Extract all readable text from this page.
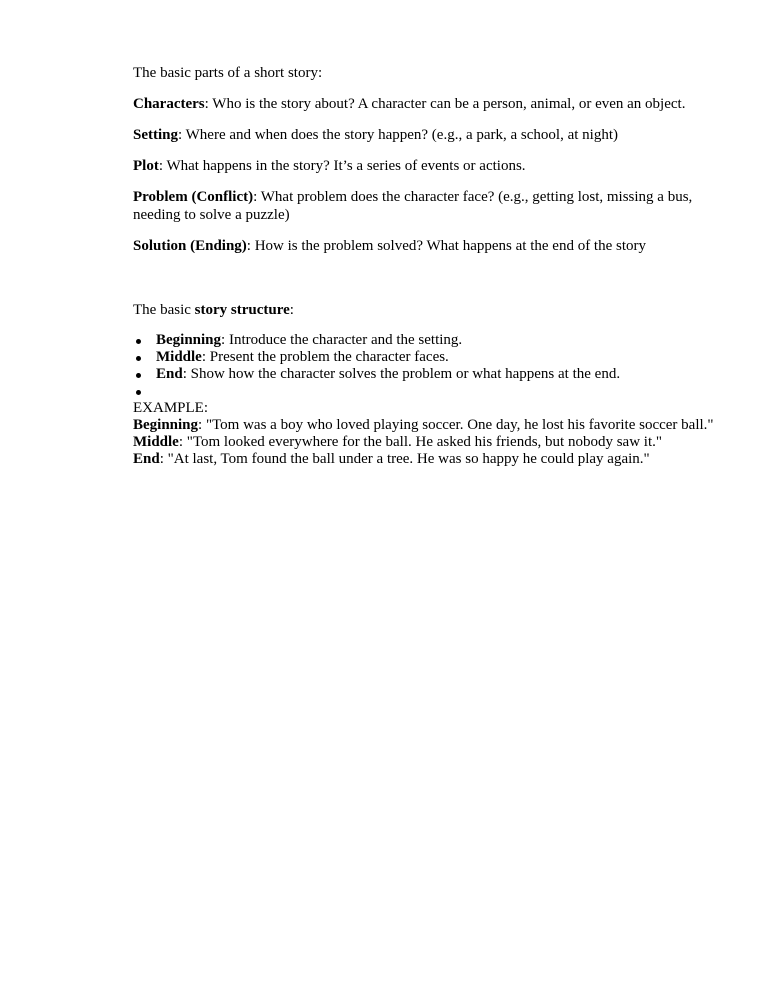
The basic parts of a short story:

Characters: Who is the story about? A character can be a person, animal, or even an object.

Setting: Where and when does the story happen? (e.g., a park, a school, at night)

Plot: What happens in the story? It’s a series of events or actions.

Problem (Conflict): What problem does the character face? (e.g., getting lost, missing a bus, needing to solve a puzzle)

Solution (Ending): How is the problem solved? What happens at the end of the story

The basic story structure:

Beginning: Introduce the character and the setting.
Middle: Present the problem the character faces.
End: Show how the character solves the problem or what happens at the end.

EXAMPLE:

Beginning: "Tom was a boy who loved playing soccer. One day, he lost his favorite soccer ball."

Middle: "Tom looked everywhere for the ball. He asked his friends, but nobody saw it."

End: "At last, Tom found the ball under a tree. He was so happy he could play again."
